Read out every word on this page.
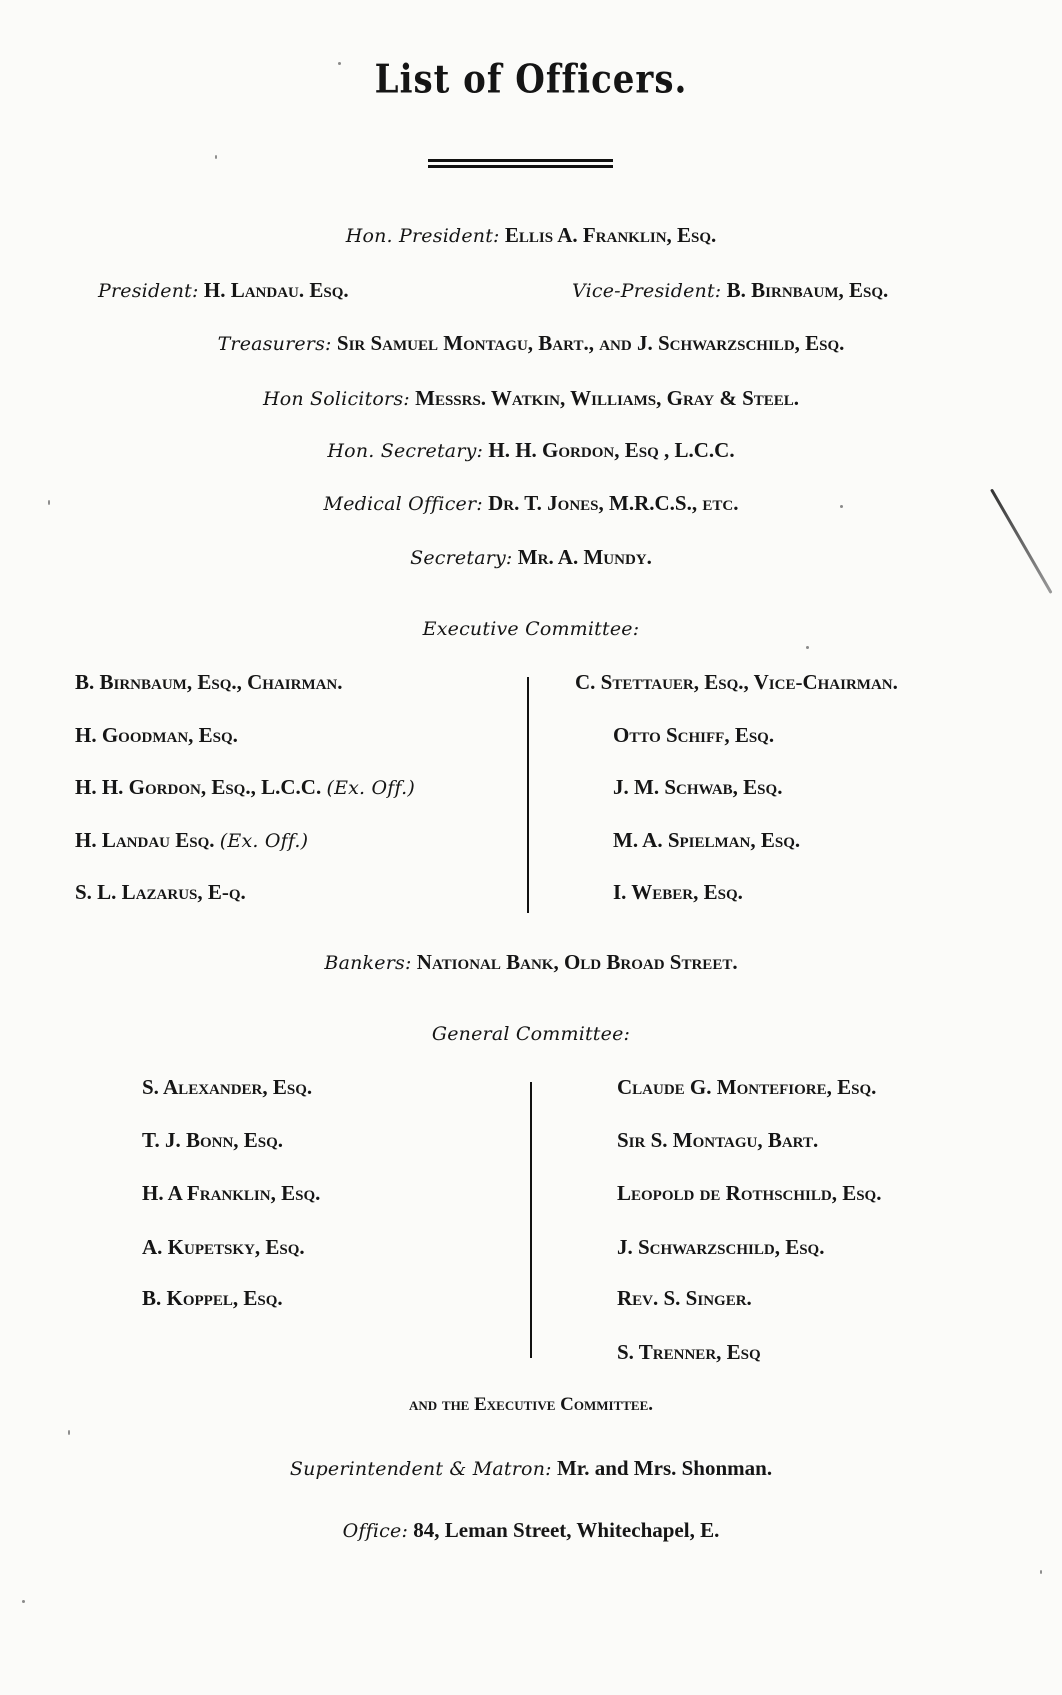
List of Officers.
Hon. President: Ellis A. Franklin, Esq.
President: H. Landau. Esq.	Vice-President: B. Birnbaum, Esq.
Treasurers: Sir Samuel Montagu, Bart., and J. Schwarzschild, Esq.
Hon Solicitors: Messrs. Watkin, Williams, Gray & Steel.
Hon. Secretary: H. H. Gordon, Esq , L.C.C.
Medical Officer: Dr. T. Jones, M.R.C.S., etc.
Secretary: Mr. A. Mundy.
Executive Committee:
B. Birnbaum, Esq., Chairman.
H. Goodman, Esq.
H. H. Gordon, Esq., L.C.C. (Ex. Off.)
H. Landau Esq. (Ex. Off.)
S. L. Lazarus, E-q.
C. Stettauer, Esq., Vice-Chairman.
Otto Schiff, Esq.
J. M. Schwab, Esq.
M. A. Spielman, Esq.
I. Weber, Esq.
Bankers: National Bank, Old Broad Street.
General Committee:
S. Alexander, Esq.
T. J. Bonn, Esq.
H. A Franklin, Esq.
A. Kupetsky, Esq.
B. Koppel, Esq.
Claude G. Montefiore, Esq.
Sir S. Montagu, Bart.
Leopold de Rothschild, Esq.
J. Schwarzschild, Esq.
Rev. S. Singer.
S. Trenner, Esq
and the Executive Committee.
Superintendent & Matron: Mr. and Mrs. Shonman.
Office: 84, Leman Street, Whitechapel, E.
